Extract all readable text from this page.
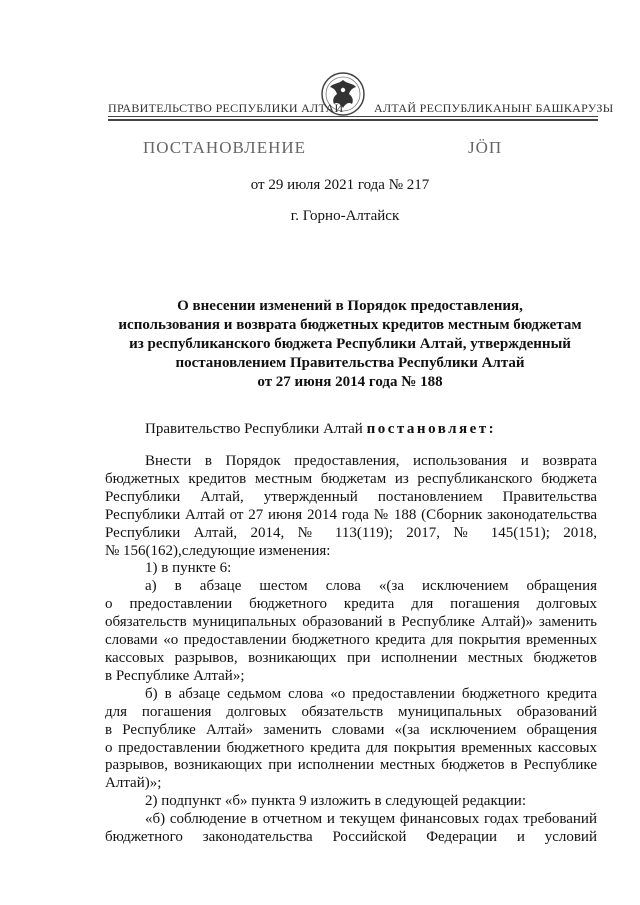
ПРАВИТЕЛЬСТВО РЕСПУБЛИКИ АЛТАЙ	АЛТАЙ РЕСПУБЛИКАНЫҤ БАШКАРУЗЫ
ПОСТАНОВЛЕНИЕ	JÖП
от 29 июля 2021 года № 217
г. Горно-Алтайск
О внесении изменений в Порядок предоставления,
использования и возврата бюджетных кредитов местным бюджетам
из республиканского бюджета Республики Алтай, утвержденный
постановлением Правительства Республики Алтай
от 27 июня 2014 года № 188
Правительство Республики Алтай постановляет:

Внести в Порядок предоставления, использования и возврата

бюджетных кредитов местным бюджетам из республиканского бюджета

Республики Алтай, утвержденный постановлением Правительства

Республики Алтай от 27 июня 2014 года № 188 (Сборник законодательства

Республики Алтай, 2014, № 113(119); 2017, № 145(151); 2018,

№ 156(162),следующие изменения:

1) в пункте 6:

а) в абзаце шестом слова «(за исключением обращения

о предоставлении бюджетного кредита для погашения долговых

обязательств муниципальных образований в Республике Алтай)» заменить

словами «о предоставлении бюджетного кредита для покрытия временных

кассовых разрывов, возникающих при исполнении местных бюджетов

в Республике Алтай»;

б) в абзаце седьмом слова «о предоставлении бюджетного кредита

для погашения долговых обязательств муниципальных образований

в Республике Алтай» заменить словами «(за исключением обращения

о предоставлении бюджетного кредита для покрытия временных кассовых

разрывов, возникающих при исполнении местных бюджетов в Республике

Алтай)»;

2) подпункт «б» пункта 9 изложить в следующей редакции:

«б) соблюдение в отчетном и текущем финансовых годах требований

бюджетного законодательства Российской Федерации и условий
